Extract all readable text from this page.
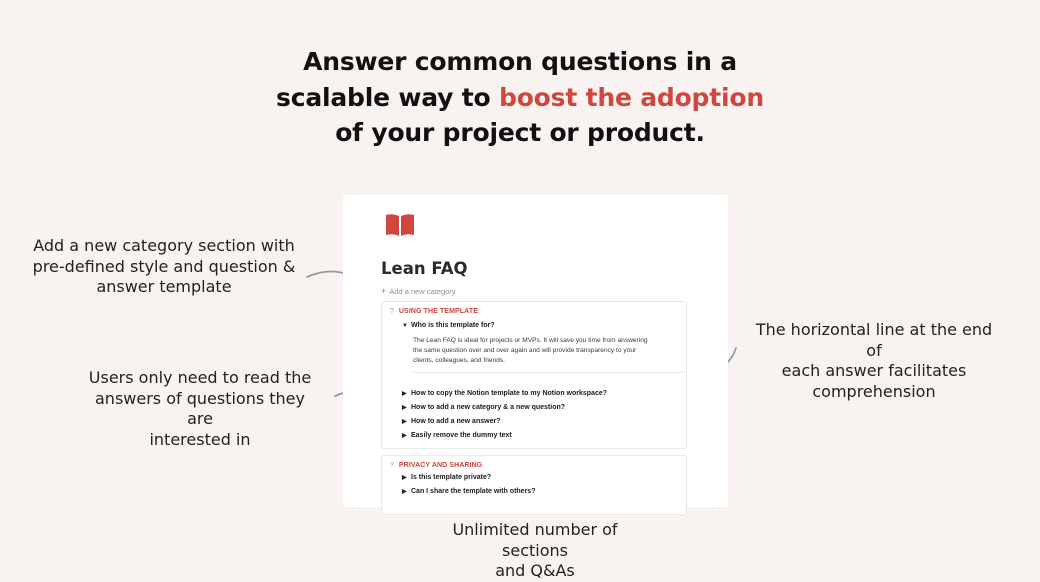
Answer common questions in a
scalable way to boost the adoption
of your project or product.
Add a new category section with
pre-defined style and question &
answer template
Users only need to read the
answers of questions they are
interested in
The horizontal line at the end of
each answer facilitates
comprehension
Unlimited number of sections
and Q&As
Lean FAQ
+ Add a new category
? USING THE TEMPLATE
▼ Who is this template for?
The Lean FAQ is ideal for projects or MVPs. It will save you time from answering
the same question over and over again and will provide transparency to your
clients, colleagues, and friends.
▶ How to copy the Notion template to my Notion workspace?
▶ How to add a new category & a new question?
▶ How to add a new answer?
▶ Easily remove the dummy text
? PRIVACY AND SHARING
▶ Is this template private?
▶ Can I share the template with others?
